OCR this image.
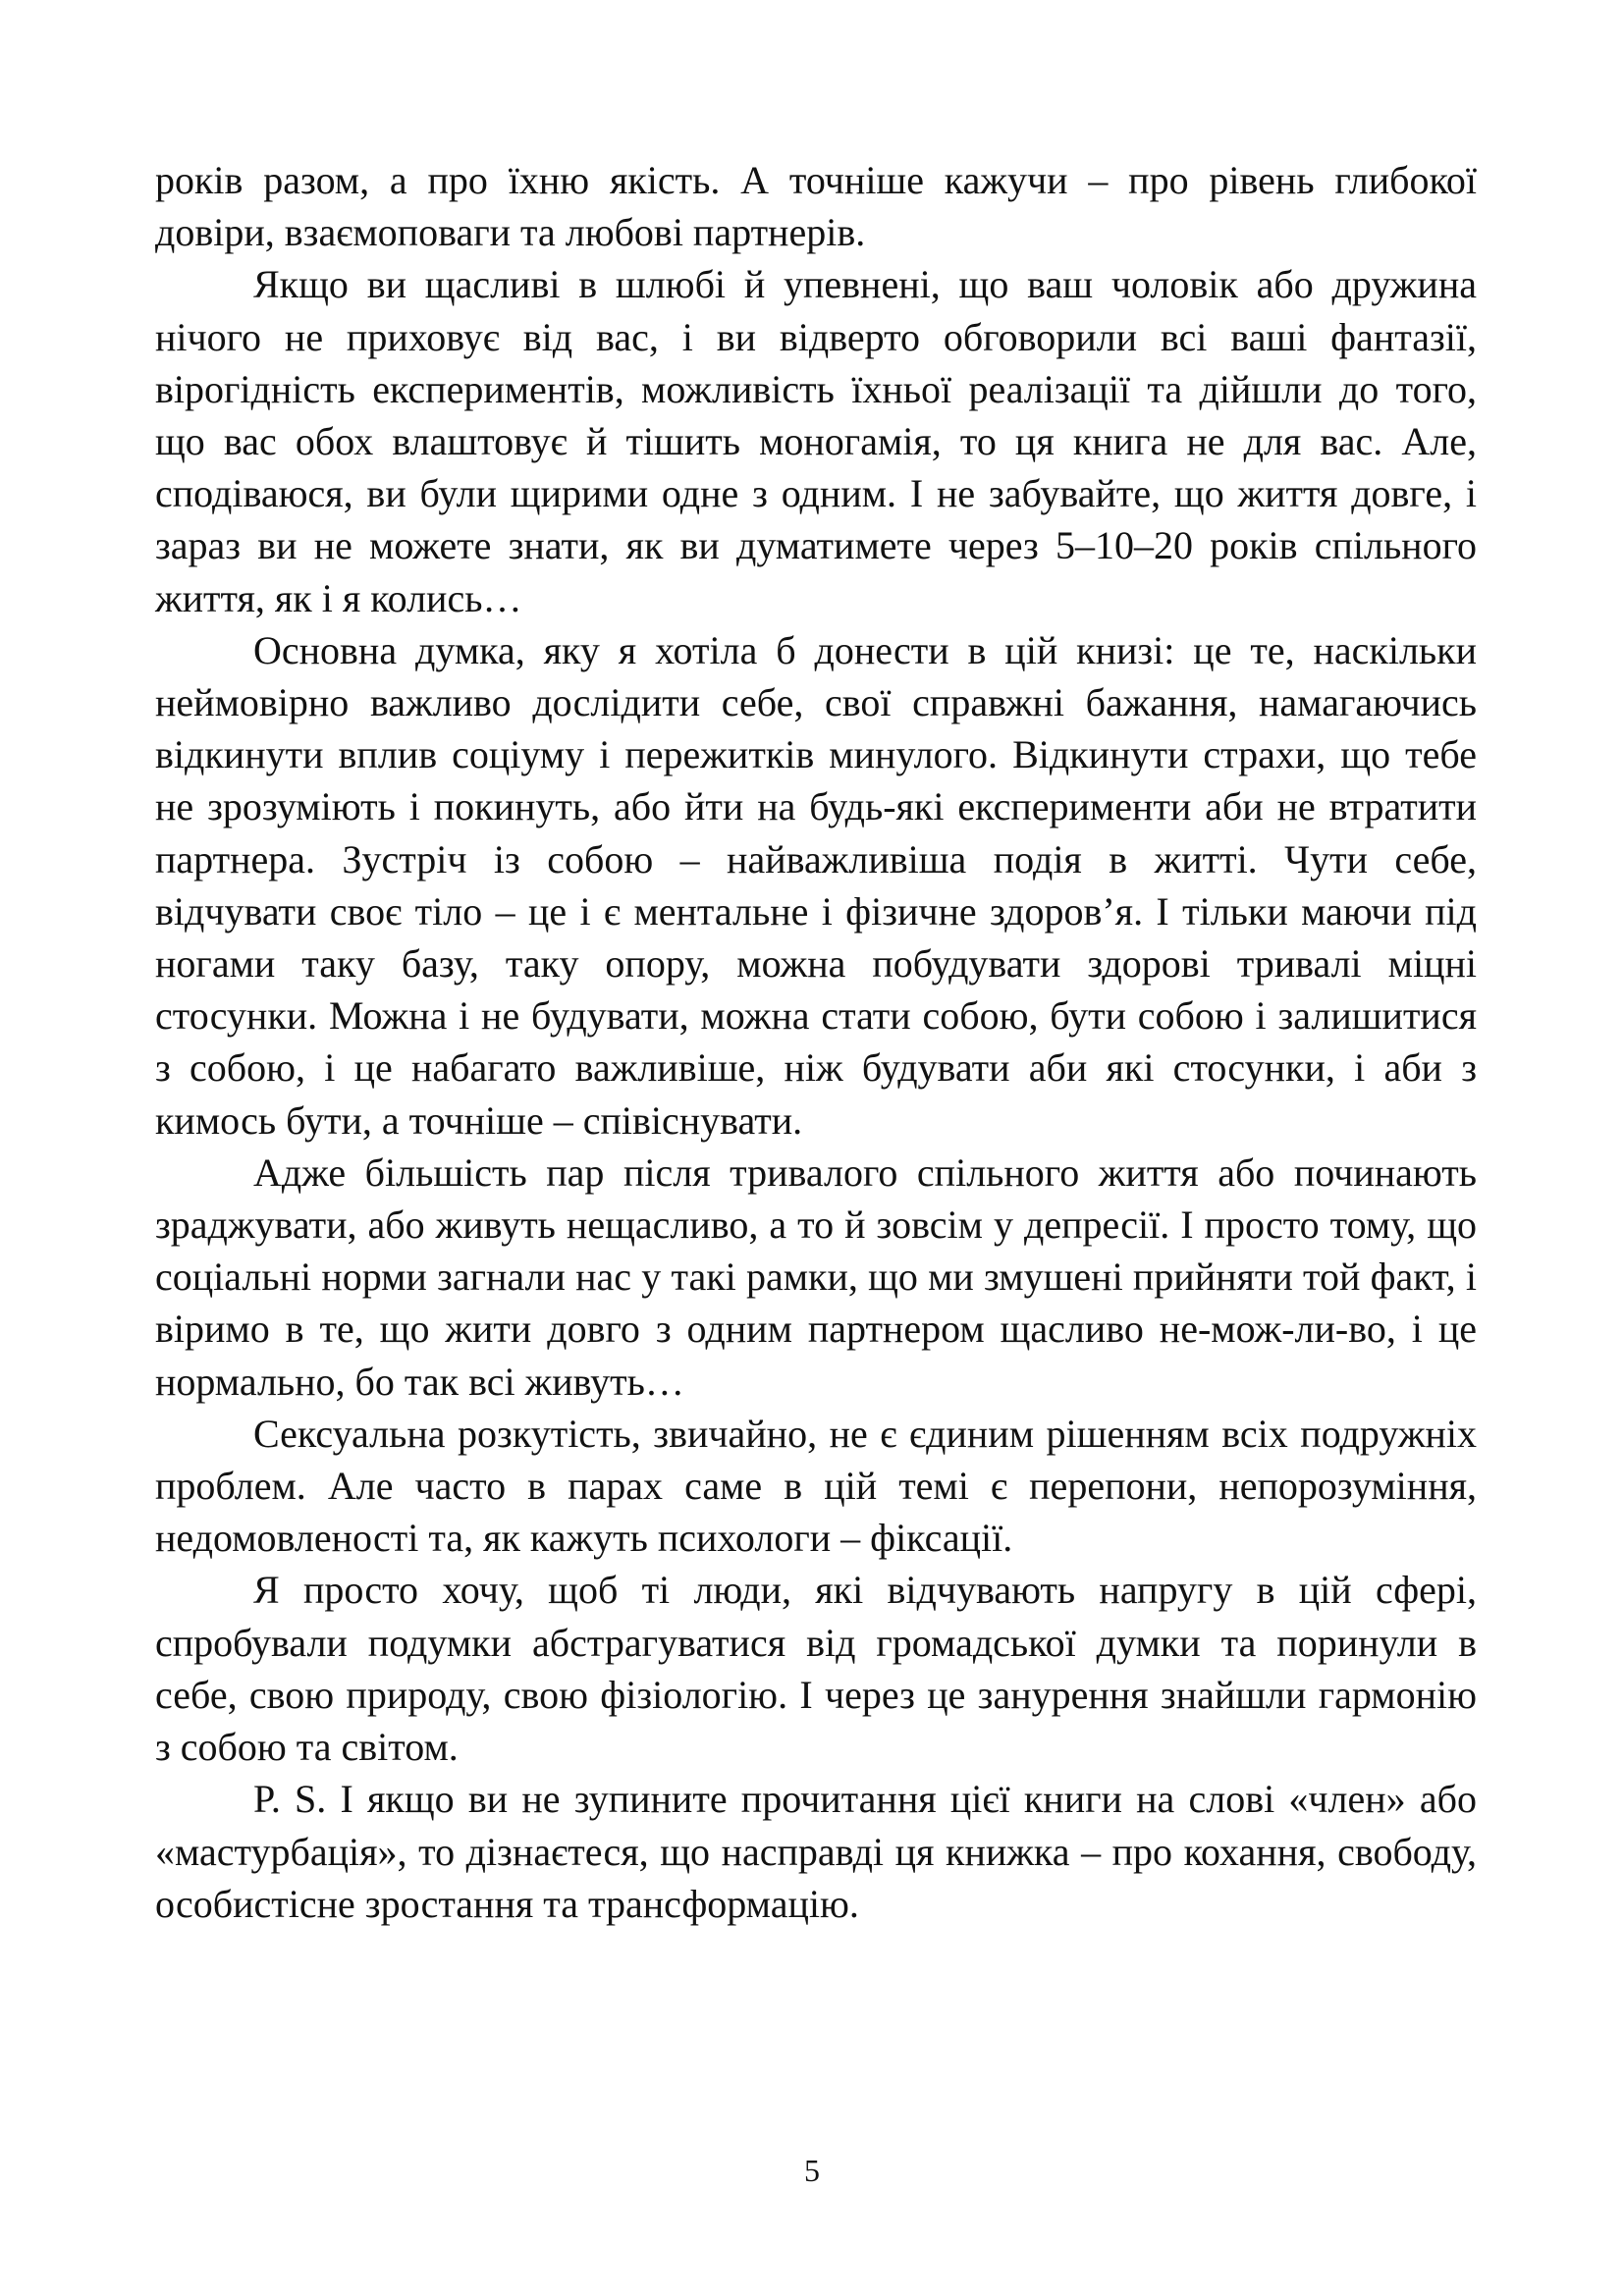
років разом, а про їхню якість. А точніше кажучи – про рівень глибокої довіри, взаємоповаги та любові партнерів.

Якщо ви щасливі в шлюбі й упевнені, що ваш чоловік або дружина нічого не приховує від вас, і ви відверто обговорили всі ваші фантазії, вірогідність експериментів, можливість їхньої реалізації та дійшли до того, що вас обох влаштовує й тішить моногамія, то ця книга не для вас. Але, сподіваюся, ви були щирими одне з одним. І не забувайте, що життя довге, і зараз ви не можете знати, як ви думатимете через 5–10–20 років спільного життя, як і я колись…

Основна думка, яку я хотіла б донести в цій книзі: це те, наскільки неймовірно важливо дослідити себе, свої справжні бажання, намагаючись відкинути вплив соціуму і пережитків минулого. Відкинути страхи, що тебе не зрозуміють і покинуть, або йти на будь-які експерименти аби не втратити партнера. Зустріч із собою – найважливіша подія в житті. Чути себе, відчувати своє тіло – це і є ментальне і фізичне здоров’я. І тільки маючи під ногами таку базу, таку опору, можна побудувати здорові тривалі міцні стосунки. Можна і не будувати, можна стати собою, бути собою і залишитися з собою, і це набагато важливіше, ніж будувати аби які стосунки, і аби з кимось бути, а точніше – співіснувати.

Адже більшість пар після тривалого спільного життя або починають зраджувати, або живуть нещасливо, а то й зовсім у депресії. І просто тому, що соціальні норми загнали нас у такі рамки, що ми змушені прийняти той факт, і віримо в те, що жити довго з одним партнером щасливо не-мож-ли-во, і це нормально, бо так всі живуть…

Сексуальна розкутість, звичайно, не є єдиним рішенням всіх подружніх проблем. Але часто в парах саме в цій темі є перепони, непорозуміння, недомовленості та, як кажуть психологи – фіксації.

Я просто хочу, щоб ті люди, які відчувають напругу в цій сфері, спробували подумки абстрагуватися від громадської думки та поринули в себе, свою природу, свою фізіологію. І через це занурення знайшли гармонію з собою та світом.

P. S. І якщо ви не зупините прочитання цієї книги на слові «член» або «мастурбація», то дізнаєтеся, що насправді ця книжка – про кохання, свободу, особистісне зростання та трансформацію.

5
